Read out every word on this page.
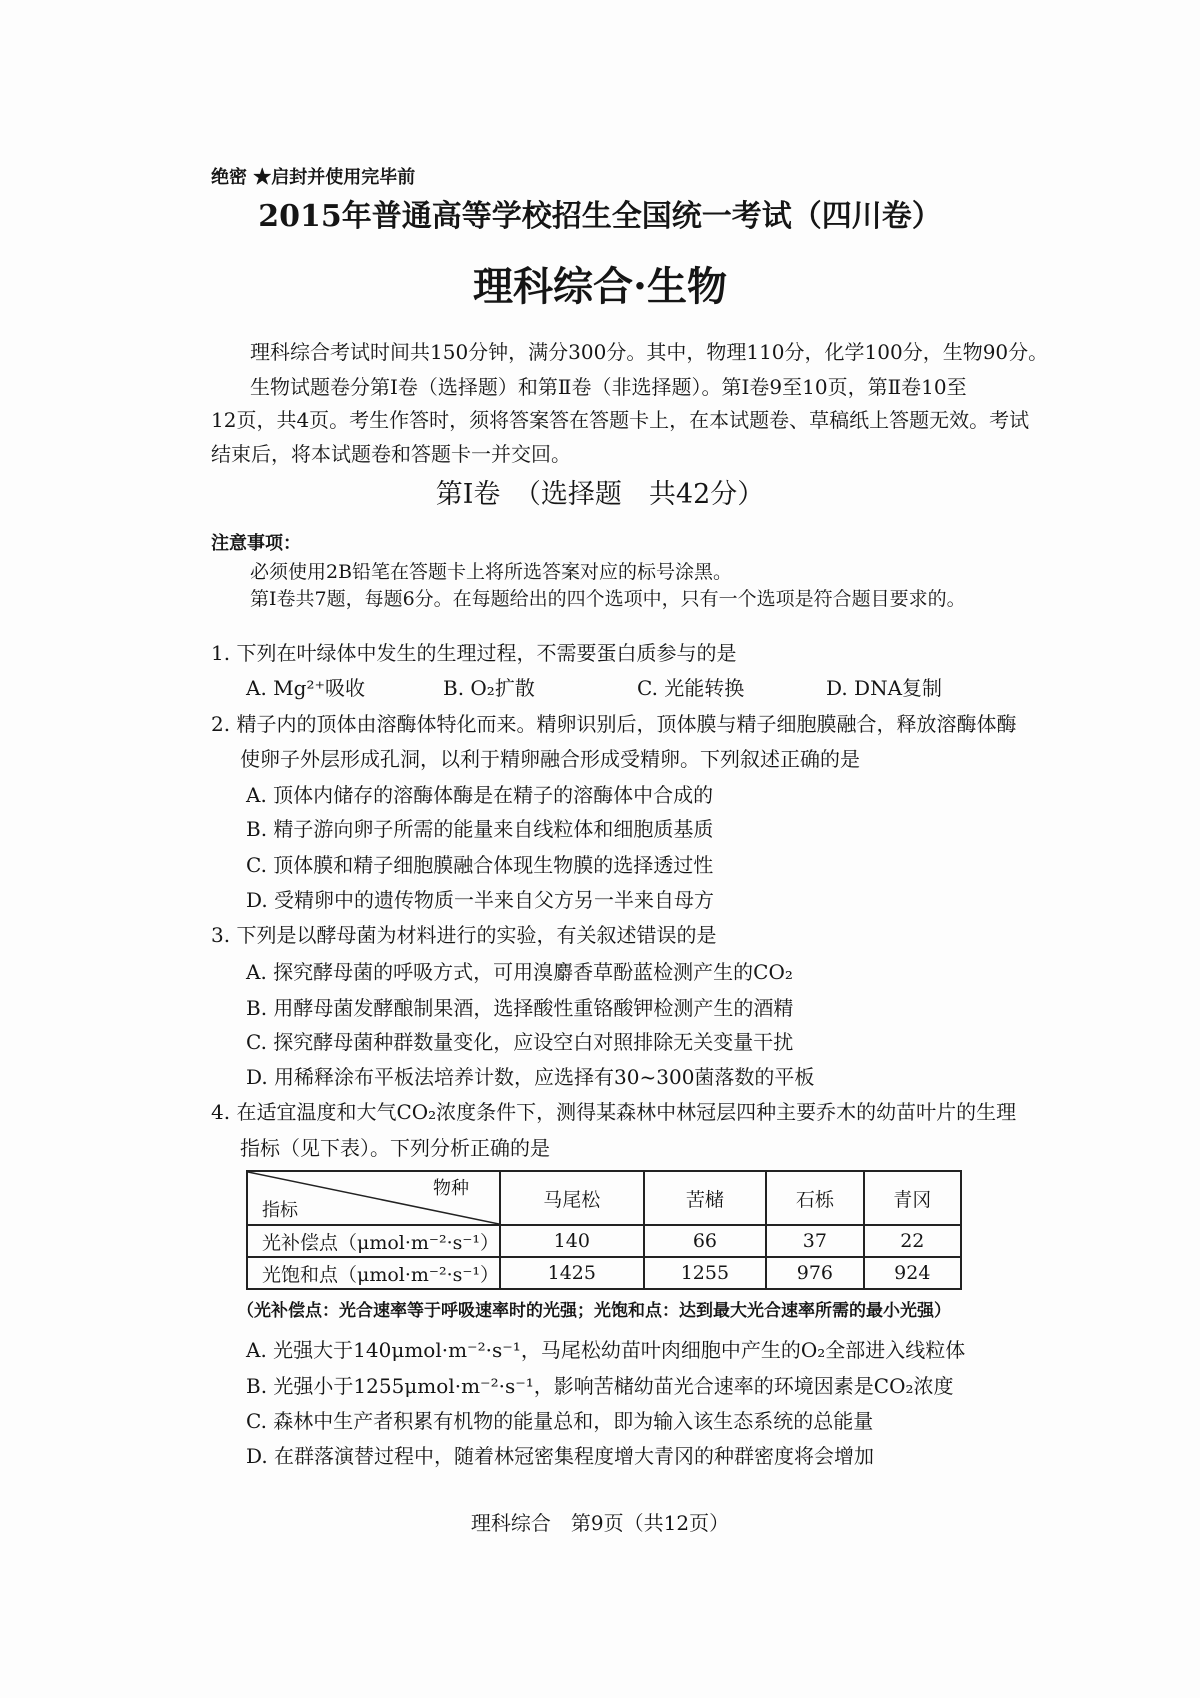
绝密 ★启封并使用完毕前
2015年普通高等学校招生全国统一考试（四川卷）
理科综合·生物
理科综合考试时间共150分钟，满分300分。其中，物理110分，化学100分，生物90分。
生物试题卷分第Ⅰ卷（选择题）和第Ⅱ卷（非选择题）。第Ⅰ卷9至10页，第Ⅱ卷10至
12页，共4页。考生作答时，须将答案答在答题卡上，在本试题卷、草稿纸上答题无效。考试
结束后，将本试题卷和答题卡一并交回。
第Ⅰ卷　（选择题　共42分）
注意事项：
必须使用2B铅笔在答题卡上将所选答案对应的标号涂黑。
第Ⅰ卷共7题，每题6分。在每题给出的四个选项中，只有一个选项是符合题目要求的。
1. 下列在叶绿体中发生的生理过程，不需要蛋白质参与的是
A. Mg²⁺吸收	B. O₂扩散	C. 光能转换	D. DNA复制
2. 精子内的顶体由溶酶体特化而来。精卵识别后，顶体膜与精子细胞膜融合，释放溶酶体酶
使卵子外层形成孔洞，以利于精卵融合形成受精卵。下列叙述正确的是
A. 顶体内储存的溶酶体酶是在精子的溶酶体中合成的
B. 精子游向卵子所需的能量来自线粒体和细胞质基质
C. 顶体膜和精子细胞膜融合体现生物膜的选择透过性
D. 受精卵中的遗传物质一半来自父方另一半来自母方
3. 下列是以酵母菌为材料进行的实验，有关叙述错误的是
A. 探究酵母菌的呼吸方式，可用溴麝香草酚蓝检测产生的CO₂
B. 用酵母菌发酵酿制果酒，选择酸性重铬酸钾检测产生的酒精
C. 探究酵母菌种群数量变化，应设空白对照排除无关变量干扰
D. 用稀释涂布平板法培养计数，应选择有30~300菌落数的平板
4. 在适宜温度和大气CO₂浓度条件下，测得某森林中林冠层四种主要乔木的幼苗叶片的生理
指标（见下表）。下列分析正确的是
物种
指标	马尾松	苦槠	石栎	青冈
光补偿点（μmol·m⁻²·s⁻¹）	140	66	37	22
光饱和点（μmol·m⁻²·s⁻¹）	1425	1255	976	924
（光补偿点：光合速率等于呼吸速率时的光强；光饱和点：达到最大光合速率所需的最小光强）
A. 光强大于140μmol·m⁻²·s⁻¹，马尾松幼苗叶肉细胞中产生的O₂全部进入线粒体
B. 光强小于1255μmol·m⁻²·s⁻¹，影响苦槠幼苗光合速率的环境因素是CO₂浓度
C. 森林中生产者积累有机物的能量总和，即为输入该生态系统的总能量
D. 在群落演替过程中，随着林冠密集程度增大青冈的种群密度将会增加
理科综合　第9页（共12页）
